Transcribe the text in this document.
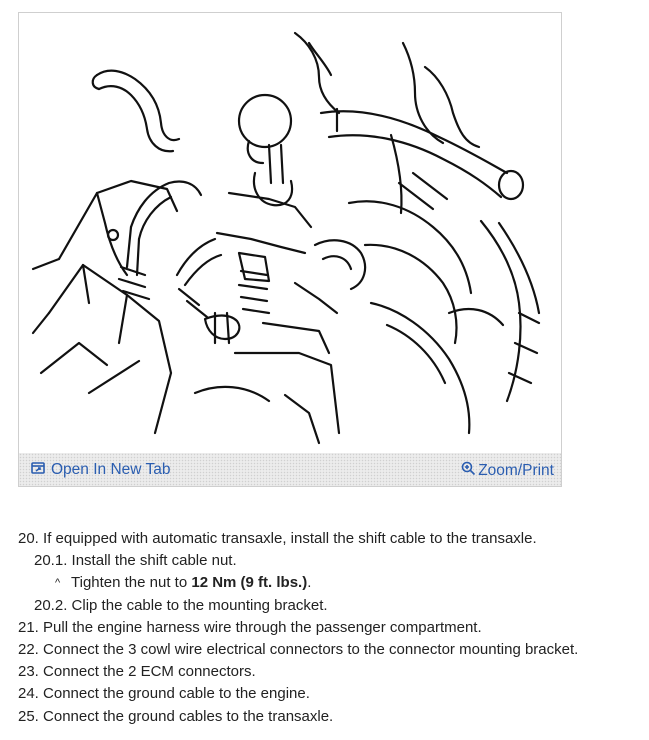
Open In New Tab	Zoom/Print
20. If equipped with automatic transaxle, install the shift cable to the transaxle.
20.1. Install the shift cable nut.
^ Tighten the nut to 12 Nm (9 ft. lbs.).
20.2. Clip the cable to the mounting bracket.
21. Pull the engine harness wire through the passenger compartment.
22. Connect the 3 cowl wire electrical connectors to the connector mounting bracket.
23. Connect the 2 ECM connectors.
24. Connect the ground cable to the engine.
25. Connect the ground cables to the transaxle.
